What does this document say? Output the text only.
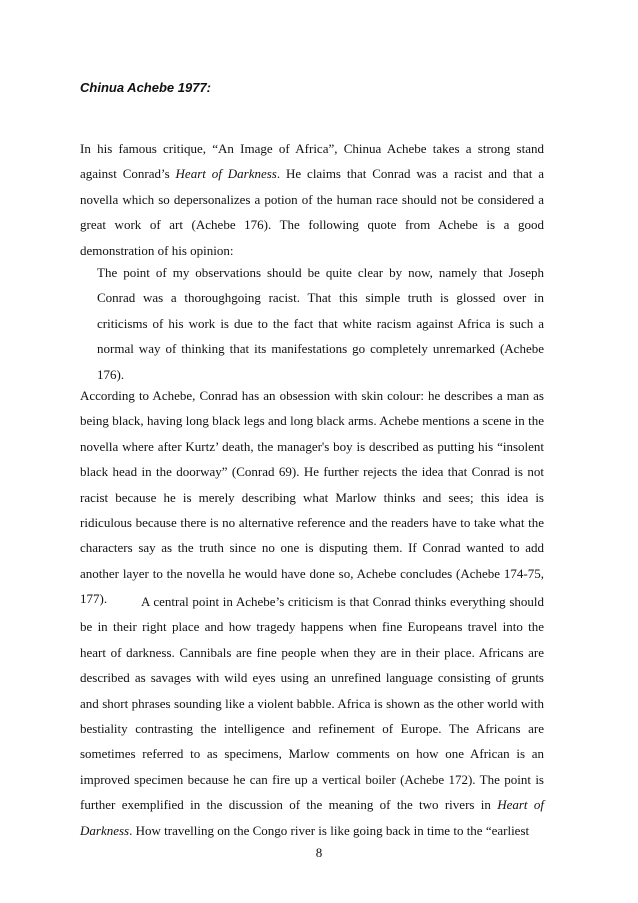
Chinua Achebe 1977:

In his famous critique, “An Image of Africa”, Chinua Achebe takes a strong stand against Conrad’s Heart of Darkness. He claims that Conrad was a racist and that a novella which so depersonalizes a potion of the human race should not be considered a great work of art (Achebe 176). The following quote from Achebe is a good demonstration of his opinion:

The point of my observations should be quite clear by now, namely that Joseph Conrad was a thoroughgoing racist. That this simple truth is glossed over in criticisms of his work is due to the fact that white racism against Africa is such a normal way of thinking that its manifestations go completely unremarked (Achebe 176).

According to Achebe, Conrad has an obsession with skin colour: he describes a man as being black, having long black legs and long black arms. Achebe mentions a scene in the novella where after Kurtz’ death, the manager's boy is described as putting his “insolent black head in the doorway” (Conrad 69). He further rejects the idea that Conrad is not racist because he is merely describing what Marlow thinks and sees; this idea is ridiculous because there is no alternative reference and the readers have to take what the characters say as the truth since no one is disputing them. If Conrad wanted to add another layer to the novella he would have done so, Achebe concludes (Achebe 174-75, 177).	A central point in Achebe’s criticism is that Conrad thinks everything should be in their right place and how tragedy happens when fine Europeans travel into the heart of darkness. Cannibals are fine people when they are in their place. Africans are described as savages with wild eyes using an unrefined language consisting of grunts and short phrases sounding like a violent babble. Africa is shown as the other world with bestiality contrasting the intelligence and refinement of Europe. The Africans are sometimes referred to as specimens, Marlow comments on how one African is an improved specimen because he can fire up a vertical boiler (Achebe 172). The point is further exemplified in the discussion of the meaning of the two rivers in Heart of Darkness. How travelling on the Congo river is like going back in time to the “earliest

8
